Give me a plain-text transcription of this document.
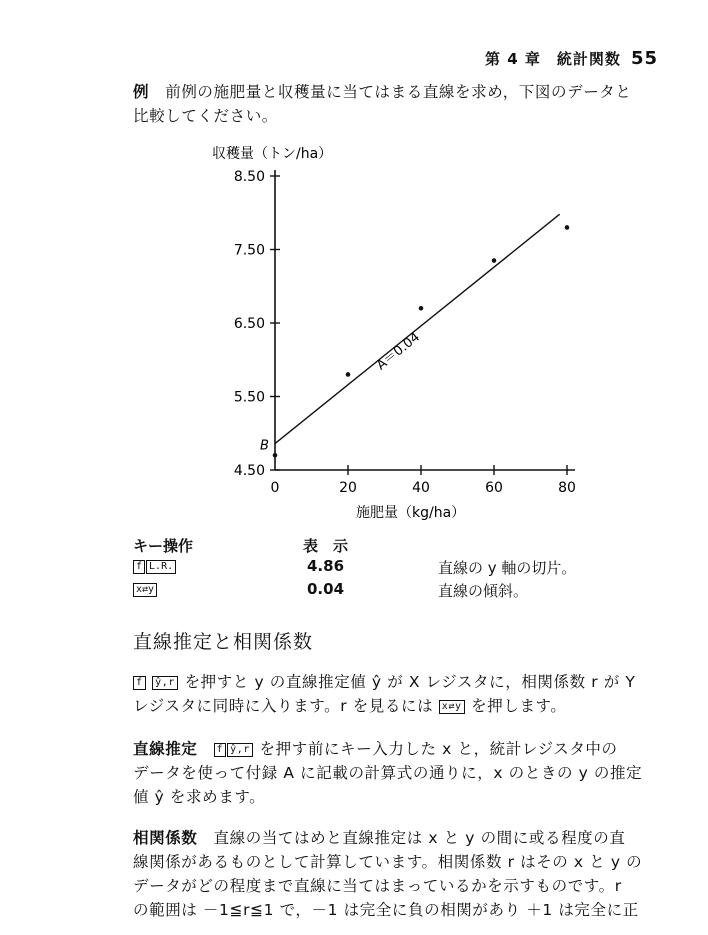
第 4 章　統計関数 55
例　 前例の施肥量と収穫量に当てはまる直線を求め，下図のデータと
比較してください。
収穫量（トン/ha）
施肥量（kg/ha）
4.50
5.50
6.50
7.50
8.50
0	20	40	60	80
A＝0.04
B
キー操作	表　示
f L.R.	4.86	直線の y 軸の切片。
x⇄y	0.04	直線の傾斜。
直線推定と相関係数
f ŷ,r を押すと y の直線推定値 ŷ が X レジスタに，相関係数 r が Y
レジスタに同時に入ります。r を見るには x⇄y を押します。
直線推定　 f ŷ,r を押す前にキー入力した x と，統計レジスタ中の
データを使って付録 A に記載の計算式の通りに，x のときの y の推定
値 ŷ を求めます。
相関係数　 直線の当てはめと直線推定は x と y の間に或る程度の直
線関係があるものとして計算しています。相関係数 r はその x と y の
データがどの程度まで直線に当てはまっているかを示すものです。r
の範囲は －1≦r≦1 で，－1 は完全に負の相関があり ＋1 は完全に正
